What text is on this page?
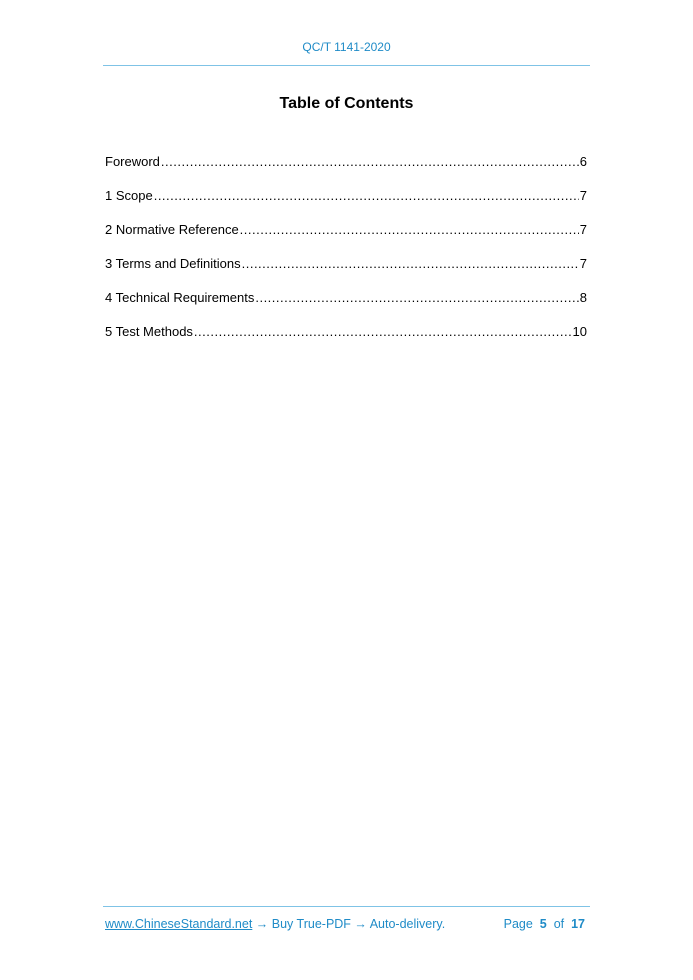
QC/T 1141-2020
Table of Contents
Foreword .....	6
1 Scope .....	7
2 Normative Reference .....	7
3 Terms and Definitions .....	7
4 Technical Requirements .....	8
5 Test Methods .....	10
www.ChineseStandard.net → Buy True-PDF → Auto-delivery.	Page 5 of 17
